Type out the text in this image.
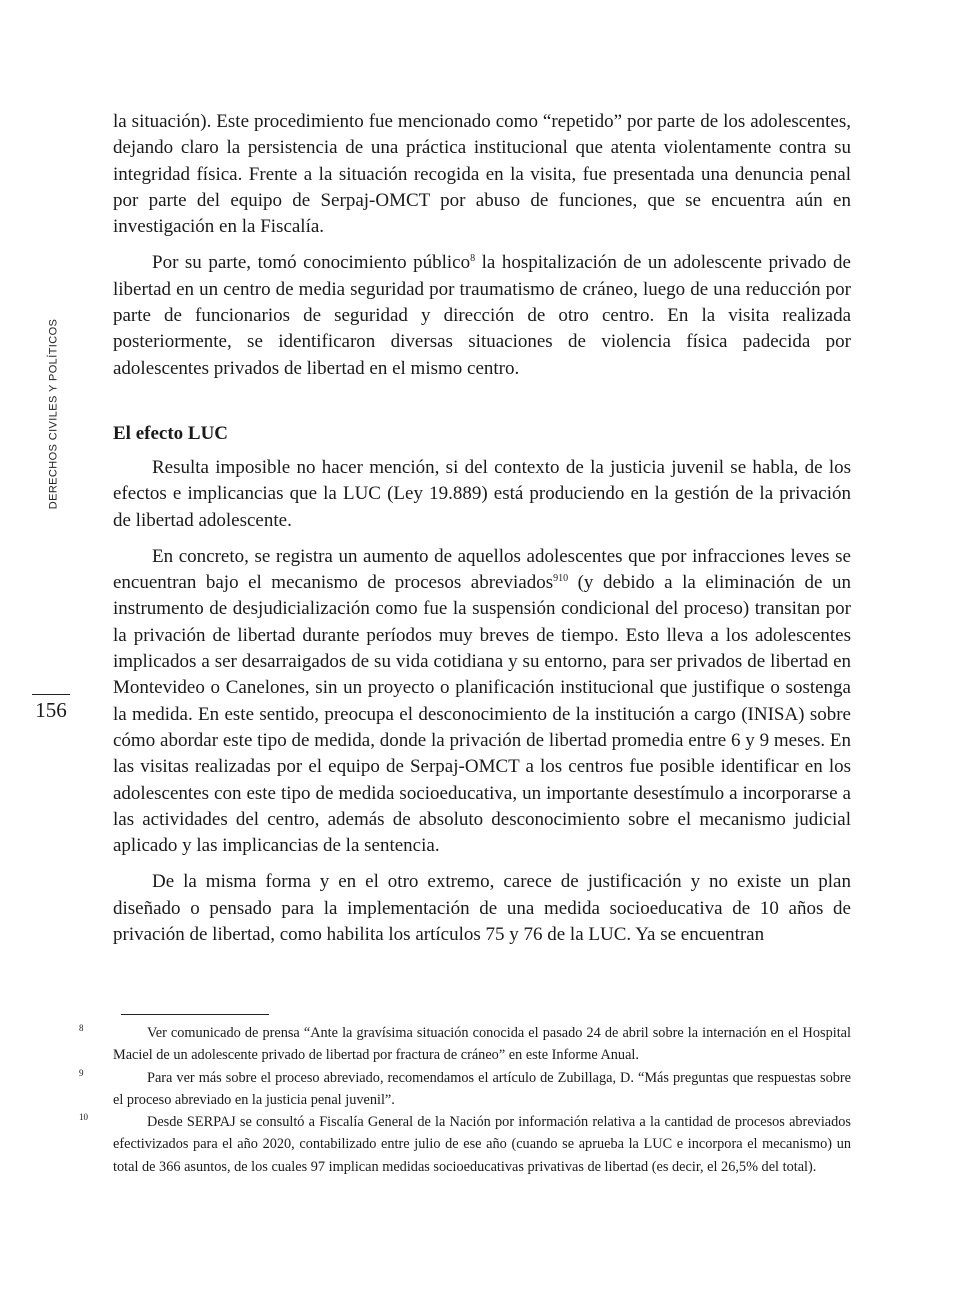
DERECHOS CIVILES Y POLÍTICOS
156

la situación). Este procedimiento fue mencionado como “repetido” por parte de los adolescentes, dejando claro la persistencia de una práctica institucional que atenta violentamente contra su integridad física. Frente a la situación recogida en la visita, fue presentada una denuncia penal por parte del equipo de Serpaj-OMCT por abuso de funciones, que se encuentra aún en investigación en la Fiscalía.

Por su parte, tomó conocimiento público$^8$ la hospitalización de un adolescente privado de libertad en un centro de media seguridad por traumatismo de cráneo, luego de una reducción por parte de funcionarios de seguridad y dirección de otro centro. En la visita realizada posteriormente, se identificaron diversas situaciones de violencia física padecida por adolescentes privados de libertad en el mismo centro.

El efecto LUC

Resulta imposible no hacer mención, si del contexto de la justicia juvenil se habla, de los efectos e implicancias que la LUC (Ley 19.889) está produciendo en la gestión de la privación de libertad adolescente.

En concreto, se registra un aumento de aquellos adolescentes que por infracciones leves se encuentran bajo el mecanismo de procesos abreviados$^{910}$ (y debido a la eliminación de un instrumento de desjudicialización como fue la suspensión condicional del proceso) transitan por la privación de libertad durante períodos muy breves de tiempo. Esto lleva a los adolescentes implicados a ser desarraigados de su vida cotidiana y su entorno, para ser privados de libertad en Montevideo o Canelones, sin un proyecto o planificación institucional que justifique o sostenga la medida. En este sentido, preocupa el desconocimiento de la institución a cargo (INISA) sobre cómo abordar este tipo de medida, donde la privación de libertad promedia entre 6 y 9 meses. En las visitas realizadas por el equipo de Serpaj-OMCT a los centros fue posible identificar en los adolescentes con este tipo de medida socioeducativa, un importante desestímulo a incorporarse a las actividades del centro, además de absoluto desconocimiento sobre el mecanismo judicial aplicado y las implicancias de la sentencia.

De la misma forma y en el otro extremo, carece de justificación y no existe un plan diseñado o pensado para la implementación de una medida socioeducativa de 10 años de privación de libertad, como habilita los artículos 75 y 76 de la LUC. Ya se encuentran

8	Ver comunicado de prensa “Ante la gravísima situación conocida el pasado 24 de abril sobre la internación en el Hospital Maciel de un adolescente privado de libertad por fractura de cráneo” en este Informe Anual.

9	Para ver más sobre el proceso abreviado, recomendamos el artículo de Zubillaga, D. “Más preguntas que respuestas sobre el proceso abreviado en la justicia penal juvenil”.

10	Desde SERPAJ se consultó a Fiscalía General de la Nación por información relativa a la cantidad de procesos abreviados efectivizados para el año 2020, contabilizado entre julio de ese año (cuando se aprueba la LUC e incorpora el mecanismo) un total de 366 asuntos, de los cuales 97 implican medidas socioeducativas privativas de libertad (es decir, el 26,5% del total).
